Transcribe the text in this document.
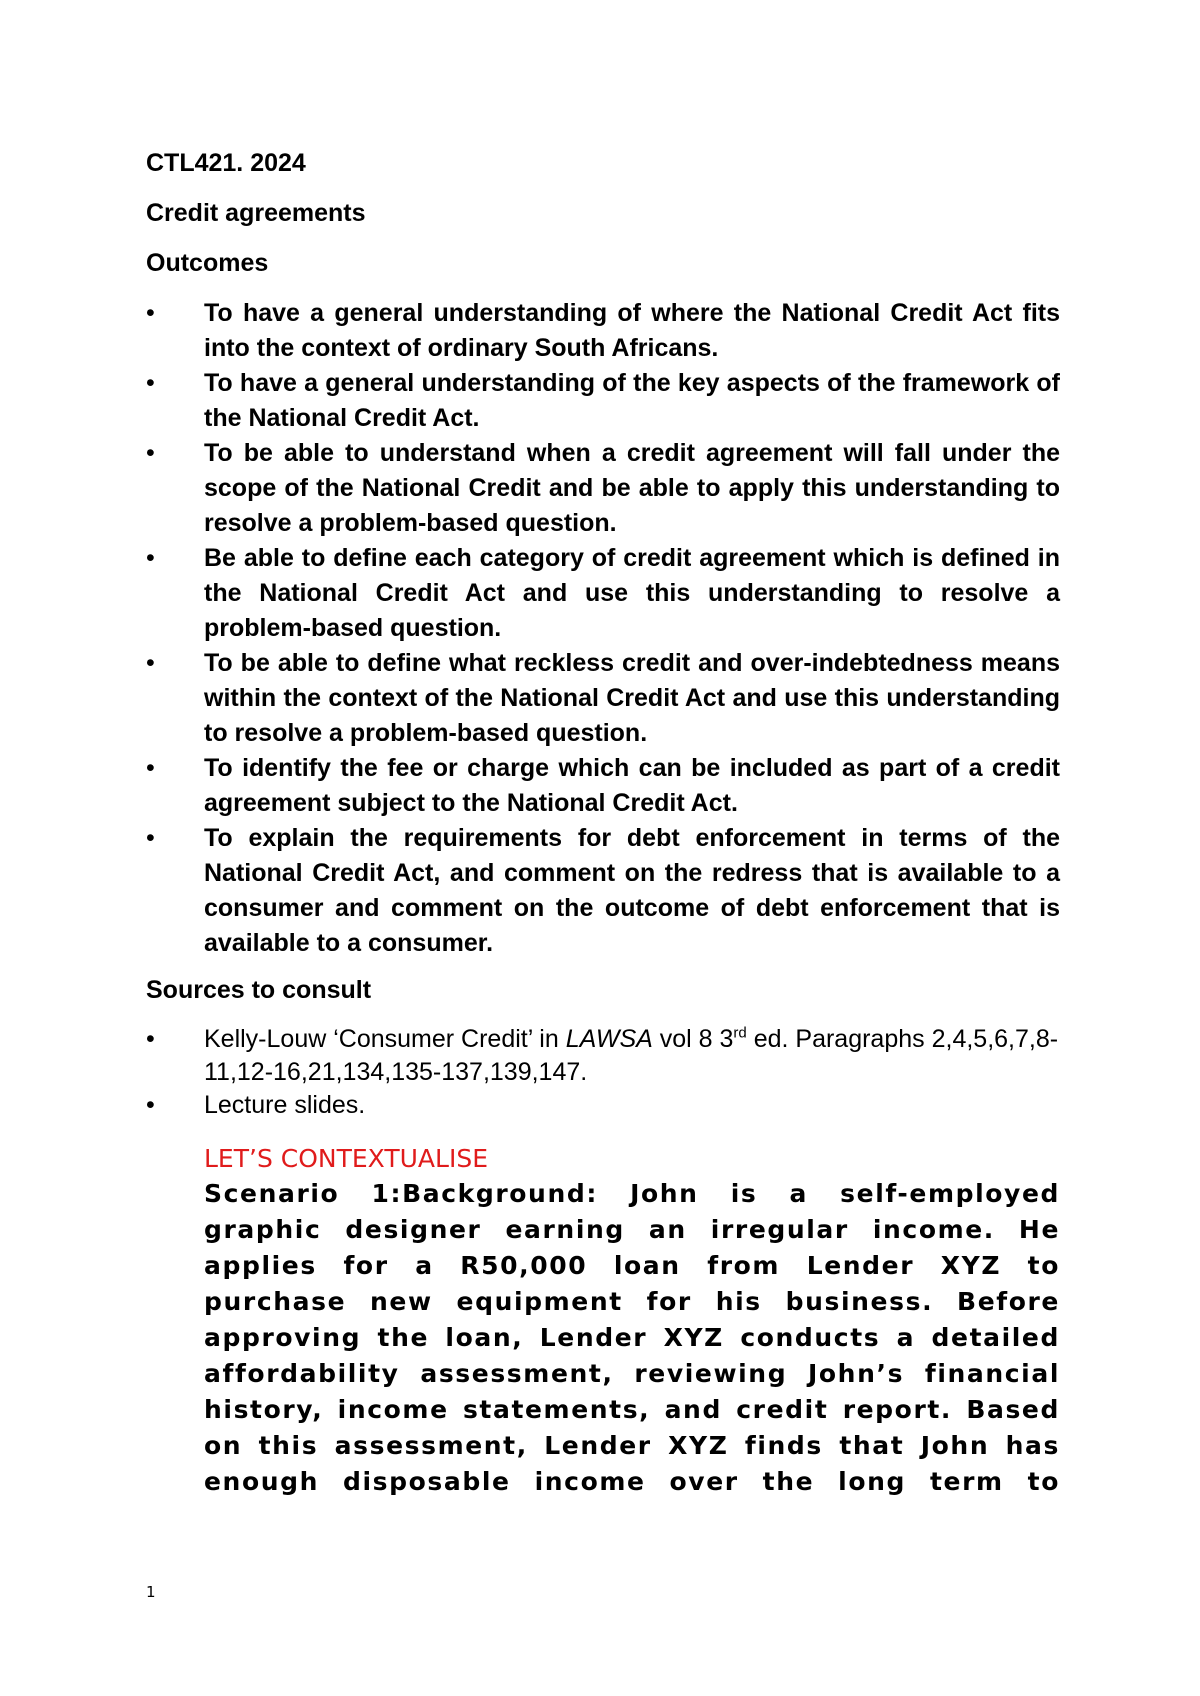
CTL421. 2024
Credit agreements
Outcomes
• To have a general understanding of where the National Credit Act fits into the context of ordinary South Africans.
• To have a general understanding of the key aspects of the framework of the National Credit Act.
• To be able to understand when a credit agreement will fall under the scope of the National Credit and be able to apply this understanding to resolve a problem-based question.
• Be able to define each category of credit agreement which is defined in the National Credit Act and use this understanding to resolve a problem-based question.
• To be able to define what reckless credit and over-indebtedness means within the context of the National Credit Act and use this understanding to resolve a problem-based question.
• To identify the fee or charge which can be included as part of a credit agreement subject to the National Credit Act.
• To explain the requirements for debt enforcement in terms of the National Credit Act, and comment on the redress that is available to a consumer and comment on the outcome of debt enforcement that is available to a consumer.
Sources to consult
• Kelly-Louw ‘Consumer Credit’ in LAWSA vol 8 3rd ed. Paragraphs 2,4,5,6,7,8-11,12-16,21,134,135-137,139,147.
• Lecture slides.
LET’S CONTEXTUALISE
Scenario 1:Background: John is a self-employed
graphic designer earning an irregular income. He
applies for a R50,000 loan from Lender XYZ to
purchase new equipment for his business. Before
approving the loan, Lender XYZ conducts a detailed
affordability assessment, reviewing John’s financial
history, income statements, and credit report. Based
on this assessment, Lender XYZ finds that John has
enough disposable income over the long term to
1
